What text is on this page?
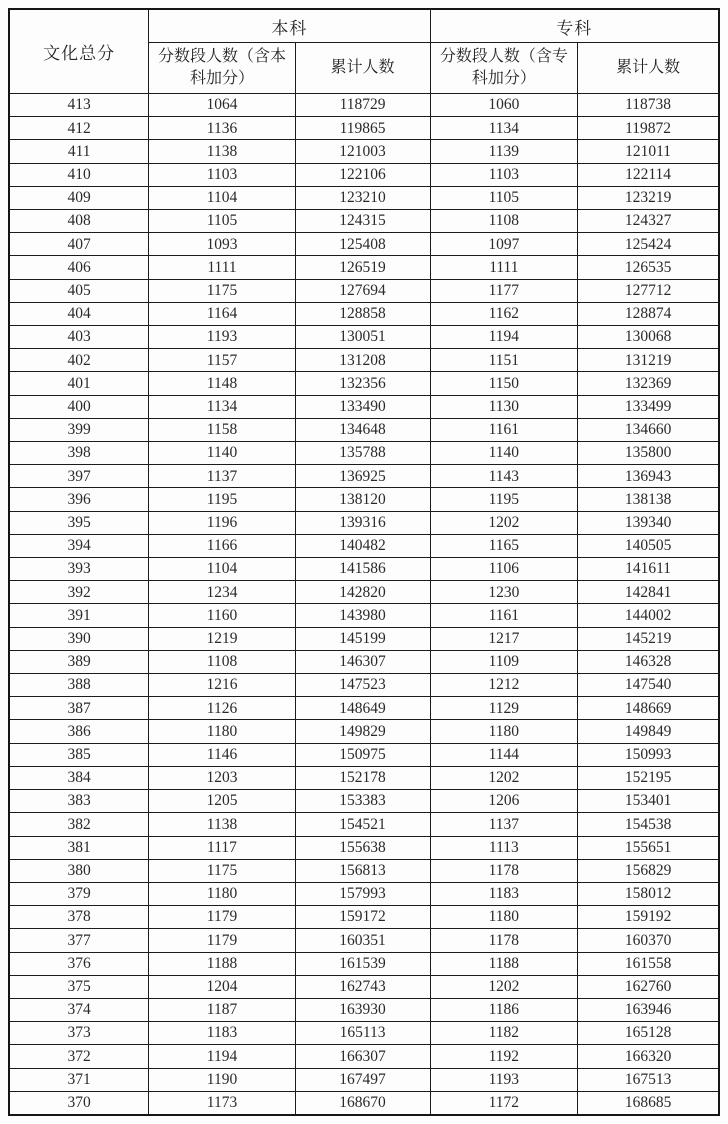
文化总分	本科		专科	
	分数段人数（含本科加分）	累计人数	分数段人数（含专科加分）	累计人数
413	1064	118729	1060	118738
412	1136	119865	1134	119872
411	1138	121003	1139	121011
410	1103	122106	1103	122114
409	1104	123210	1105	123219
408	1105	124315	1108	124327
407	1093	125408	1097	125424
406	1111	126519	1111	126535
405	1175	127694	1177	127712
404	1164	128858	1162	128874
403	1193	130051	1194	130068
402	1157	131208	1151	131219
401	1148	132356	1150	132369
400	1134	133490	1130	133499
399	1158	134648	1161	134660
398	1140	135788	1140	135800
397	1137	136925	1143	136943
396	1195	138120	1195	138138
395	1196	139316	1202	139340
394	1166	140482	1165	140505
393	1104	141586	1106	141611
392	1234	142820	1230	142841
391	1160	143980	1161	144002
390	1219	145199	1217	145219
389	1108	146307	1109	146328
388	1216	147523	1212	147540
387	1126	148649	1129	148669
386	1180	149829	1180	149849
385	1146	150975	1144	150993
384	1203	152178	1202	152195
383	1205	153383	1206	153401
382	1138	154521	1137	154538
381	1117	155638	1113	155651
380	1175	156813	1178	156829
379	1180	157993	1183	158012
378	1179	159172	1180	159192
377	1179	160351	1178	160370
376	1188	161539	1188	161558
375	1204	162743	1202	162760
374	1187	163930	1186	163946
373	1183	165113	1182	165128
372	1194	166307	1192	166320
371	1190	167497	1193	167513
370	1173	168670	1172	168685
